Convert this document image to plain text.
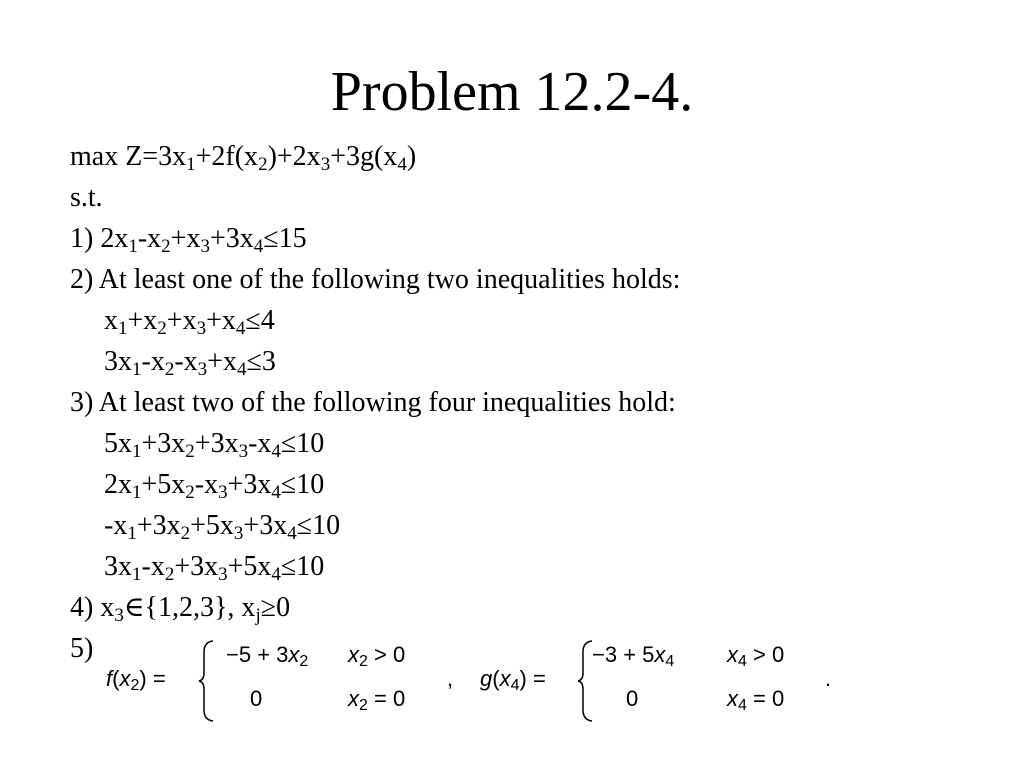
Problem 12.2-4.
$\max Z=3x_1+2f(x_2)+2x_3+3g(x_4)$
s.t.
1) $2x_1-x_2+x_3+3x_4\le 15$
2) At least one of the following two inequalities holds:
$x_1+x_2+x_3+x_4\le 4$
$3x_1-x_2-x_3+x_4\le 3$
3) At least two of the following four inequalities hold:
$5x_1+3x_2+3x_3-x_4\le 10$
$2x_1+5x_2-x_3+3x_4\le 10$
$-x_1+3x_2+5x_3+3x_4\le 10$
$3x_1-x_2+3x_3+5x_4\le 10$
4) $x_3\in\{1,2,3\}$, $x_j\ge 0$
5)
$f(x_2)$ =
$-5 + 3x_2$ $x_2 > 0$
0	$x_2 = 0$
, $g(x_4)$ =
$-3 + 5x_4$ $x_4 > 0$
0	$x_4 = 0$
.
